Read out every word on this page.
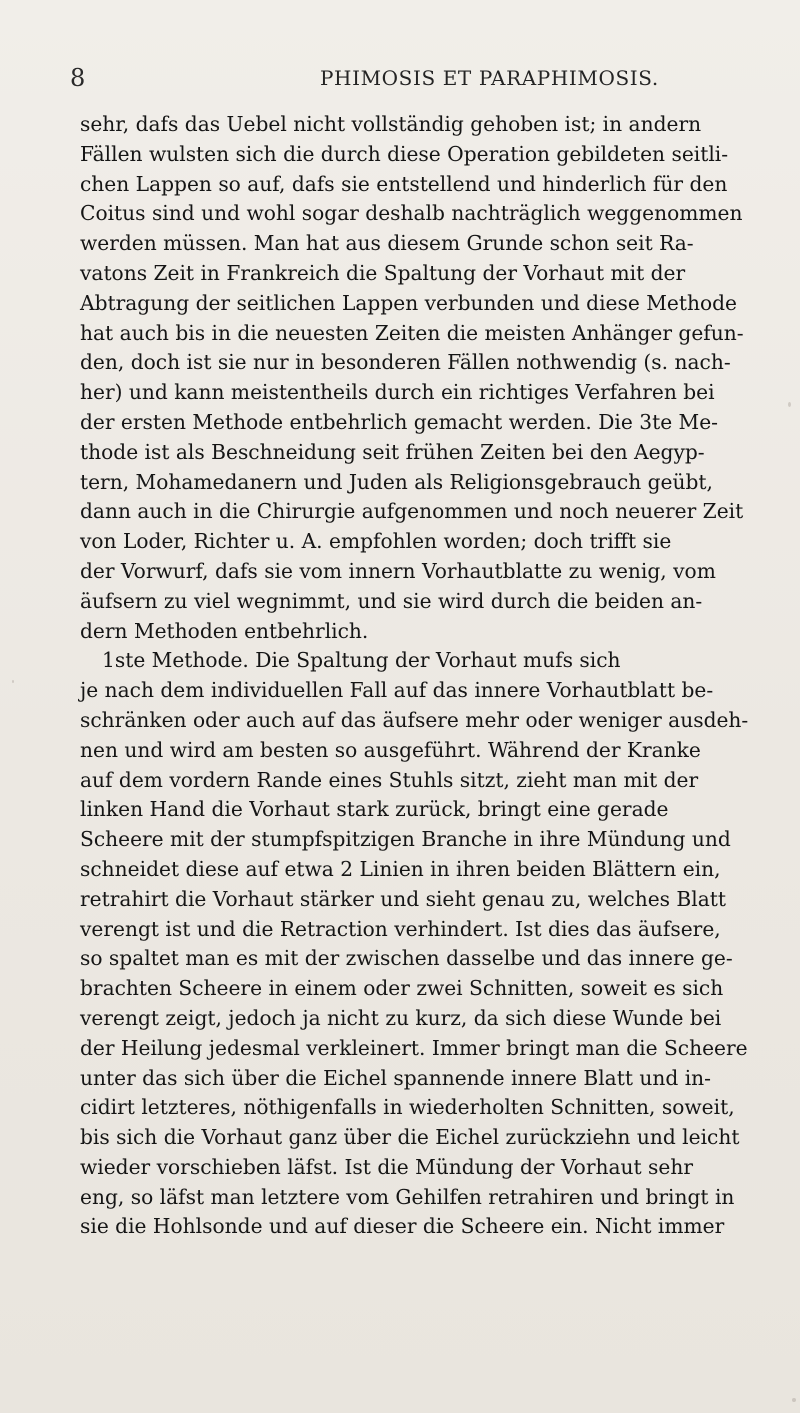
8	PHIMOSIS ET PARAPHIMOSIS.
sehr, dafs das Uebel nicht vollständig gehoben ist; in andern
Fällen wulsten sich die durch diese Operation gebildeten seitli-
chen Lappen so auf, dafs sie entstellend und hinderlich für den
Coitus sind und wohl sogar deshalb nachträglich weggenommen
werden müssen. Man hat aus diesem Grunde schon seit Ra-
vatons Zeit in Frankreich die Spaltung der Vorhaut mit der
Abtragung der seitlichen Lappen verbunden und diese Methode
hat auch bis in die neuesten Zeiten die meisten Anhänger gefun-
den, doch ist sie nur in besonderen Fällen nothwendig (s. nach-
her) und kann meistentheils durch ein richtiges Verfahren bei
der ersten Methode entbehrlich gemacht werden. Die 3te Me-
thode ist als Beschneidung seit frühen Zeiten bei den Aegyp-
tern, Mohamedanern und Juden als Religionsgebrauch geübt,
dann auch in die Chirurgie aufgenommen und noch neuerer Zeit
von Loder, Richter u. A. empfohlen worden; doch trifft sie
der Vorwurf, dafs sie vom innern Vorhautblatte zu wenig, vom
äufsern zu viel wegnimmt, und sie wird durch die beiden an-
dern Methoden entbehrlich.
1ste Methode. Die Spaltung der Vorhaut mufs sich
je nach dem individuellen Fall auf das innere Vorhautblatt be-
schränken oder auch auf das äufsere mehr oder weniger ausdeh-
nen und wird am besten so ausgeführt. Während der Kranke
auf dem vordern Rande eines Stuhls sitzt, zieht man mit der
linken Hand die Vorhaut stark zurück, bringt eine gerade
Scheere mit der stumpfspitzigen Branche in ihre Mündung und
schneidet diese auf etwa 2 Linien in ihren beiden Blättern ein,
retrahirt die Vorhaut stärker und sieht genau zu, welches Blatt
verengt ist und die Retraction verhindert. Ist dies das äufsere,
so spaltet man es mit der zwischen dasselbe und das innere ge-
brachten Scheere in einem oder zwei Schnitten, soweit es sich
verengt zeigt, jedoch ja nicht zu kurz, da sich diese Wunde bei
der Heilung jedesmal verkleinert. Immer bringt man die Scheere
unter das sich über die Eichel spannende innere Blatt und in-
cidirt letzteres, nöthigenfalls in wiederholten Schnitten, soweit,
bis sich die Vorhaut ganz über die Eichel zurückziehn und leicht
wieder vorschieben läfst. Ist die Mündung der Vorhaut sehr
eng, so läfst man letztere vom Gehilfen retrahiren und bringt in
sie die Hohlsonde und auf dieser die Scheere ein. Nicht immer
